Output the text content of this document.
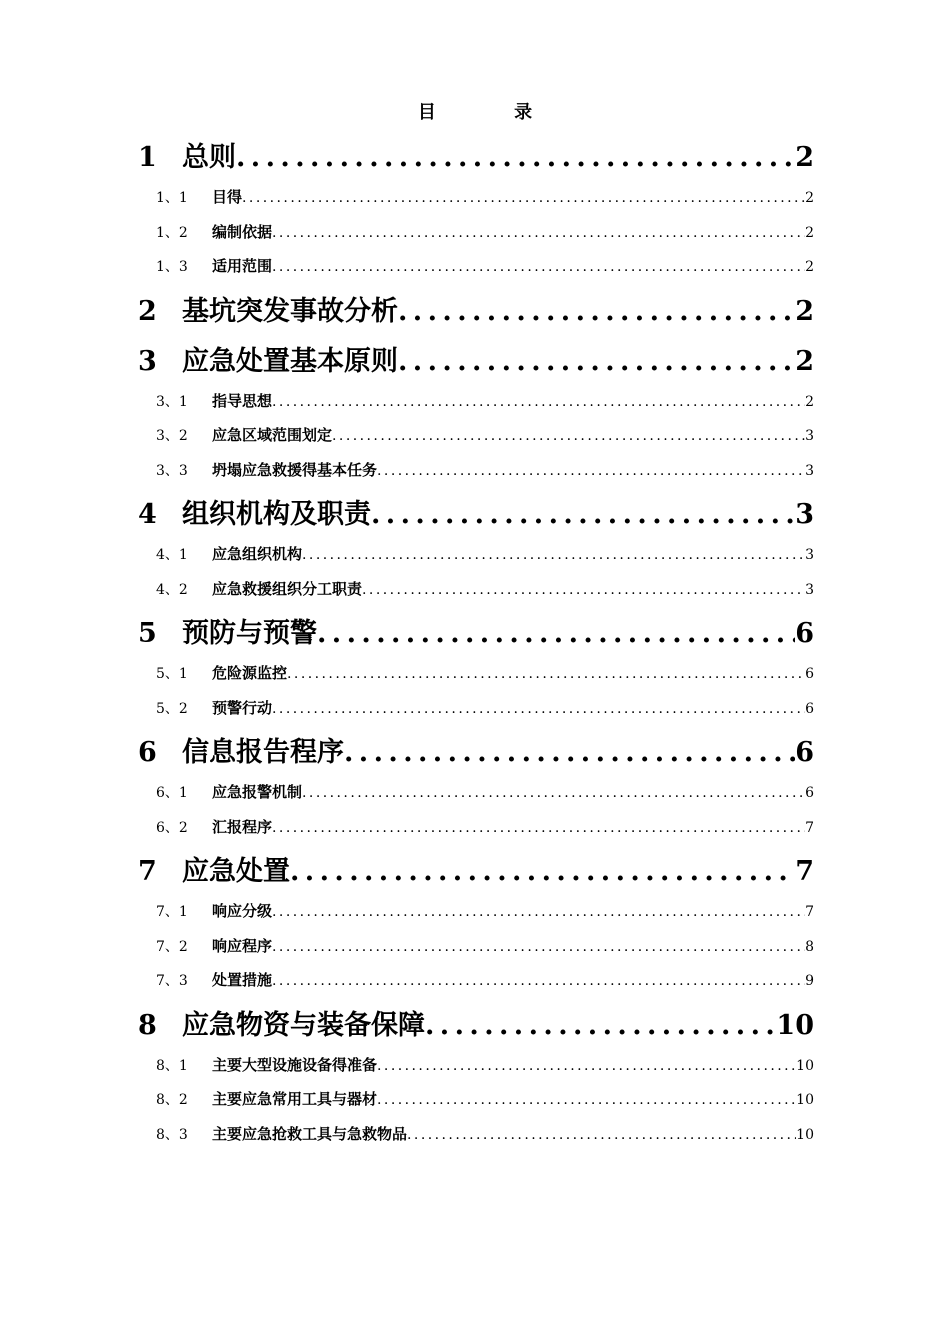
目 录
1 总则 . . .	2
1、1	目得 . . .	2
1、2	编制依据 . . .	2
1、3	适用范围 . . .	2
2 基坑突发事故分析 . . .	2
3 应急处置基本原则 . . .	2
3、1	指导思想 . . .	2
3、2	应急区域范围划定 . . .	3
3、3	坍塌应急救援得基本任务 . . .	3
4 组织机构及职责 . . .	3
4、1	应急组织机构 . . .	3
4、2	应急救援组织分工职责 . . .	3
5 预防与预警 . . .	6
5、1	危险源监控 . . .	6
5、2	预警行动 . . .	6
6 信息报告程序 . . .	6
6、1	应急报警机制 . . .	6
6、2	汇报程序 . . .	7
7 应急处置 . . .	7
7、1	响应分级 . . .	7
7、2	响应程序 . . .	8
7、3	处置措施 . . .	9
8 应急物资与装备保障 . . .	10
8、1	主要大型设施设备得准备 . . .	10
8、2	主要应急常用工具与器材 . . .	10
8、3	主要应急抢救工具与急救物品 . . .	10
